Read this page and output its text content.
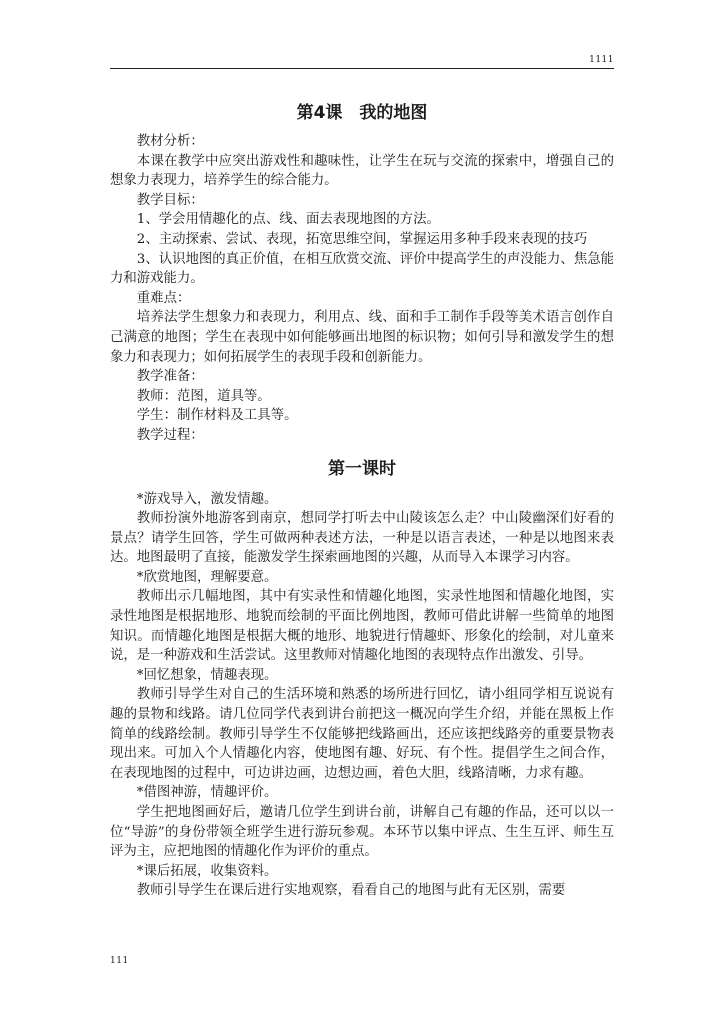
1111
第4课　我的地图

教材分析：

本课在教学中应突出游戏性和趣味性，让学生在玩与交流的探索中，增强自己的想象力表现力，培养学生的综合能力。

教学目标：

1、学会用情趣化的点、线、面去表现地图的方法。

2、主动探索、尝试、表现，拓宽思维空间，掌握运用多种手段来表现的技巧

3、认识地图的真正价值，在相互欣赏交流、评价中提高学生的声没能力、焦急能力和游戏能力。

重难点：

培养法学生想象力和表现力，利用点、线、面和手工制作手段等美术语言创作自己满意的地图；学生在表现中如何能够画出地图的标识物；如何引导和激发学生的想象力和表现力；如何拓展学生的表现手段和创新能力。

教学准备：

教师：范图，道具等。

学生：制作材料及工具等。

教学过程：

第一课时

*游戏导入，激发情趣。

教师扮演外地游客到南京，想同学打听去中山陵该怎么走？中山陵幽深们好看的景点？请学生回答，学生可做两种表述方法，一种是以语言表述，一种是以地图来表达。地图最明了直接，能激发学生探索画地图的兴趣，从而导入本课学习内容。

*欣赏地图，理解要意。

教师出示几幅地图，其中有实录性和情趣化地图，实录性地图和情趣化地图，实录性地图是根据地形、地貌而绘制的平面比例地图，教师可借此讲解一些简单的地图知识。而情趣化地图是根据大概的地形、地貌进行情趣虾、形象化的绘制，对儿童来说，是一种游戏和生活尝试。这里教师对情趣化地图的表现特点作出激发、引导。

*回忆想象，情趣表现。

教师引导学生对自己的生活环境和熟悉的场所进行回忆，请小组同学相互说说有趣的景物和线路。请几位同学代表到讲台前把这一概况向学生介绍，并能在黑板上作简单的线路绘制。教师引导学生不仅能够把线路画出，还应该把线路旁的重要景物表现出来。可加入个人情趣化内容，使地图有趣、好玩、有个性。提倡学生之间合作，在表现地图的过程中，可边讲边画，边想边画，着色大胆，线路清晰，力求有趣。

*借图神游，情趣评价。

学生把地图画好后，邀请几位学生到讲台前，讲解自己有趣的作品，还可以以一位“导游”的身份带领全班学生进行游玩参观。本环节以集中评点、生生互评、师生互评为主，应把地图的情趣化作为评价的重点。

*课后拓展，收集资料。

教师引导学生在课后进行实地观察，看看自己的地图与此有无区别，需要

111
